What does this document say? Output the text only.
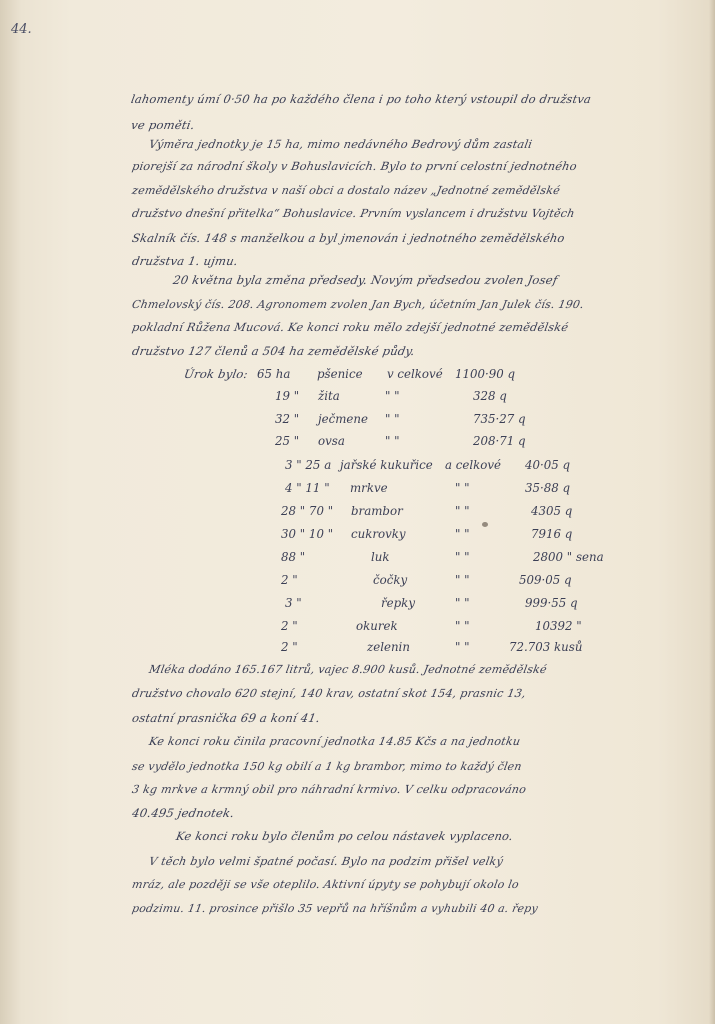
44.
lahomenty úmí 0·50 ha po každého člena i po toho který vstoupil do družstva
ve poměti.
Výměra jednotky je 15 ha, mimo nedávného Bedrový dům zastali
piorejší za národní školy v Bohuslavicích. Bylo to první celostní jednotného
zemědělského družstva v naší obci a dostalo název „Jednotné zemědělské
družstvo dnešní přitelka“ Bohuslavice. Prvním vyslancem i družstvu Vojtěch
Skalník čís. 148 s manželkou a byl jmenován i jednotného zemědělského
družstva 1. ujmu.
20 května byla změna předsedy. Novým předsedou zvolen Josef
Chmelovský čís. 208. Agronomem zvolen Jan Bych, účetním Jan Julek čís. 190.
pokladní Růžena Mucová. Ke konci roku mělo zdejší jednotné zemědělské
družstvo 127 členů a 504 ha zemědělské půdy.
Úrok bylo: 65 ha pšenice v celkové 1100·90 q
19 " žita	" "	328 q
32 " ječmene " "	735·27 q
25 " ovsa	" "	208·71 q
3 " 25 a jařské kukuřice a celkové 40·05 q
4 " 11 " mrkve	" "	35·88 q
28 " 70 " brambor	" "	4305 q
30 " 10 " cukrovky	" "	7916 q
88 "	luk	" "	2800 " sena
2 "	čočky	" "	509·05 q
3 "	řepky	" "	999·55 q
2 "	okurek	" "	10392 "
2 "	zelenin	" "	72.703 kusů
Mléka dodáno 165.167 litrů, vajec 8.900 kusů. Jednotné zemědělské
družstvo chovalo 620 stejní, 140 krav, ostatní skot 154, prasnic 13,
ostatní prasnička 69 a koní 41.
Ke konci roku činila pracovní jednotka 14.85 Kčs a na jednotku
se vydělo jednotka 150 kg obilí a 1 kg brambor, mimo to každý člen
3 kg mrkve a krmný obil pro náhradní krmivo. V celku odpracováno
40.495 jednotek.
Ke konci roku bylo členům po celou nástavek vyplaceno.
V těch bylo velmi špatné počasí. Bylo na podzim přišel velký
mráz, ale později se vše oteplilo. Aktivní úpyty se pohybují okolo lo
podzimu. 11. prosince přišlo 35 vepřů na hříšnům a vyhubili 40 a. řepy
